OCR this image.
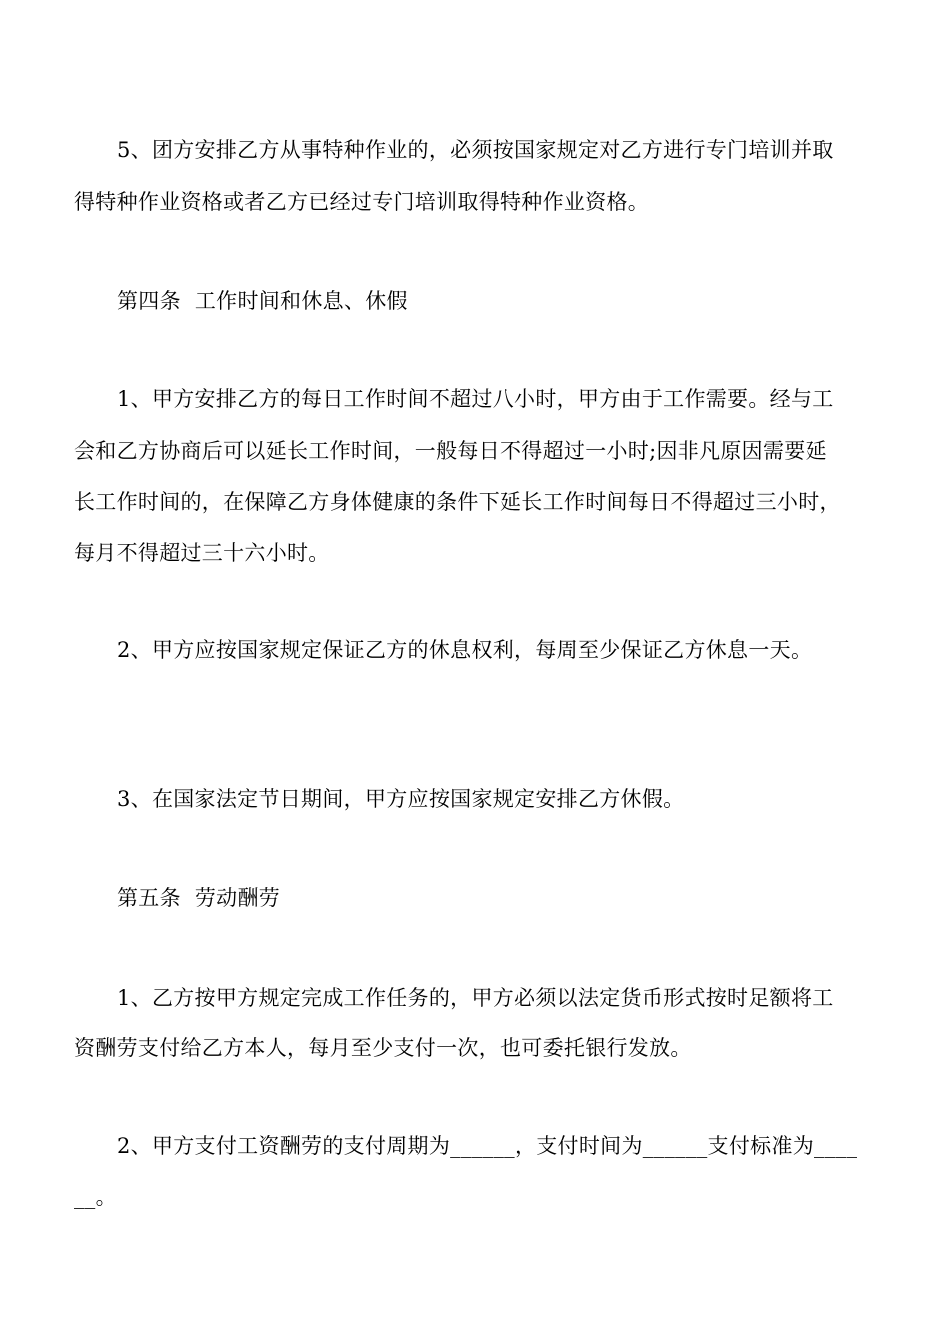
5、团方安排乙方从事特种作业的，必须按国家规定对乙方进行专门培训并取
得特种作业资格或者乙方已经过专门培训取得特种作业资格。
第四条  工作时间和休息、休假
1、甲方安排乙方的每日工作时间不超过八小时，甲方由于工作需要。经与工
会和乙方协商后可以延长工作时间，一般每日不得超过一小时;因非凡原因需要延
长工作时间的，在保障乙方身体健康的条件下延长工作时间每日不得超过三小时，
每月不得超过三十六小时。
2、甲方应按国家规定保证乙方的休息权利，每周至少保证乙方休息一天。
3、在国家法定节日期间，甲方应按国家规定安排乙方休假。
第五条  劳动酬劳
1、乙方按甲方规定完成工作任务的，甲方必须以法定货币形式按时足额将工
资酬劳支付给乙方本人，每月至少支付一次，也可委托银行发放。
2、甲方支付工资酬劳的支付周期为______，支付时间为______支付标准为____
__。
